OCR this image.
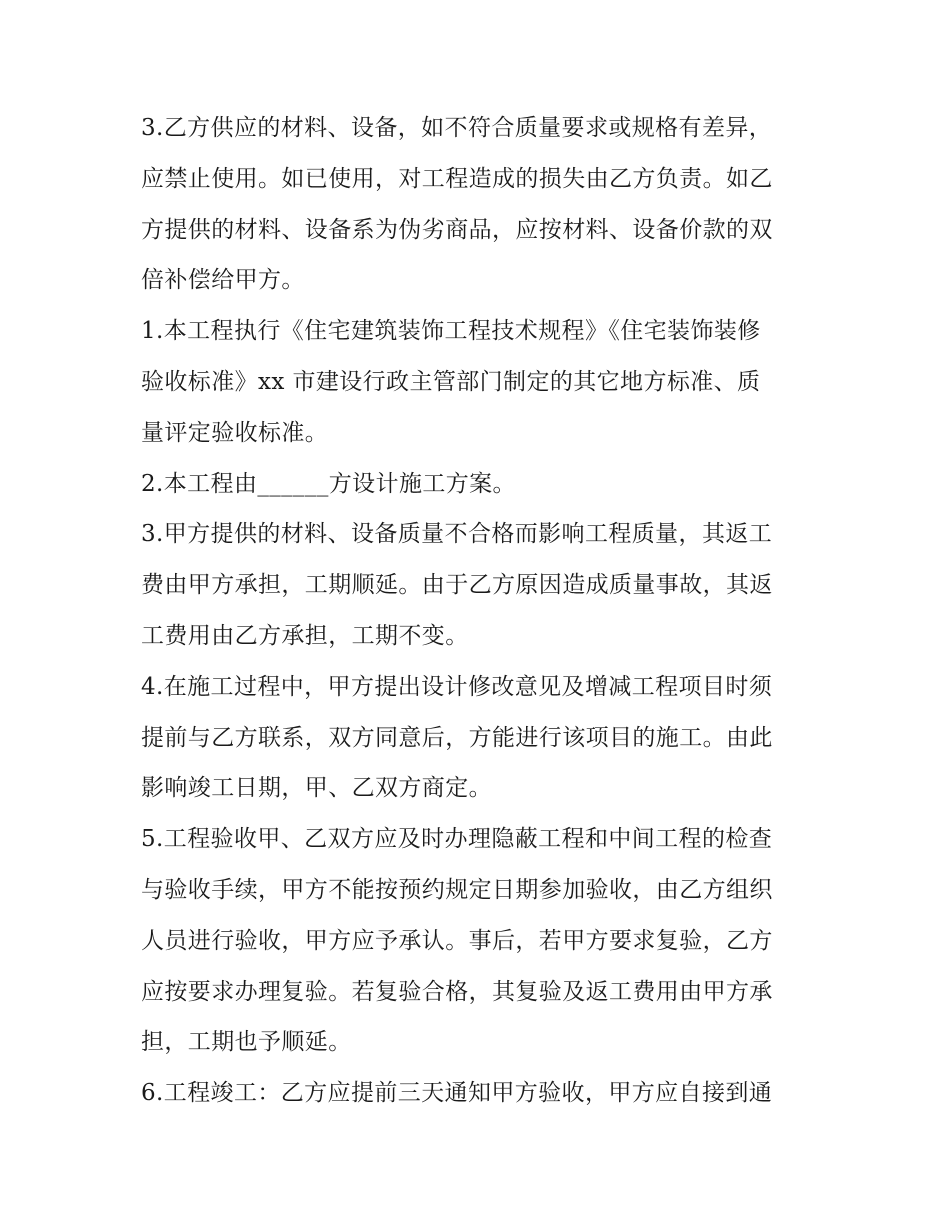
3.乙方供应的材料、设备，如不符合质量要求或规格有差异，
应禁止使用。如已使用，对工程造成的损失由乙方负责。如乙
方提供的材料、设备系为伪劣商品，应按材料、设备价款的双
倍补偿给甲方。
1.本工程执行《住宅建筑装饰工程技术规程》《住宅装饰装修
验收标准》xx 市建设行政主管部门制定的其它地方标准、质
量评定验收标准。
2.本工程由______方设计施工方案。
3.甲方提供的材料、设备质量不合格而影响工程质量，其返工
费由甲方承担，工期顺延。由于乙方原因造成质量事故，其返
工费用由乙方承担，工期不变。
4.在施工过程中，甲方提出设计修改意见及增减工程项目时须
提前与乙方联系，双方同意后，方能进行该项目的施工。由此
影响竣工日期，甲、乙双方商定。
5.工程验收甲、乙双方应及时办理隐蔽工程和中间工程的检查
与验收手续，甲方不能按预约规定日期参加验收，由乙方组织
人员进行验收，甲方应予承认。事后，若甲方要求复验，乙方
应按要求办理复验。若复验合格，其复验及返工费用由甲方承
担，工期也予顺延。
6.工程竣工：乙方应提前三天通知甲方验收，甲方应自接到通
